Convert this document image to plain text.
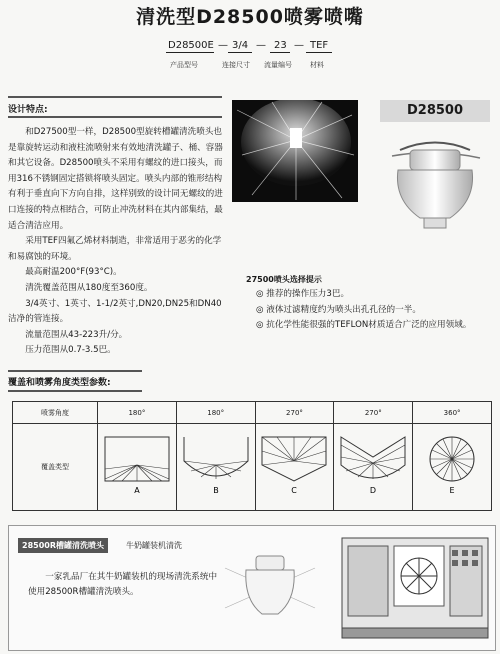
清洗型D28500喷雾喷嘴
D28500E — 3/4 — 23 — TEF
产品型号	连接尺寸 流量编号	材料
设计特点:

和D27500型一样，D28500型旋转槽罐清洗喷头也是靠旋转运动和液柱流喷射来有效地清洗罐子、桶、容器和其它设备。D28500喷头不采用有螺纹的进口接头，而用316不锈钢固定搭锁将喷头固定。喷头内部的锥形结构有利于垂直向下方向自排，这样别致的设计同无螺纹的进口连接的特点相结合，可防止冲洗材料在其内部集结，最适合清洁应用。

采用TEF四氟乙烯材料制造，非常适用于恶劣的化学和易腐蚀的环境。

最高耐温200°F(93°C)。

清洗覆盖范围从180度至360度。

3/4英寸、1英寸、1-1/2英寸,DN20,DN25和DN40洁净的管连接。

流量范围从43-223升/分。

压力范围从0.7-3.5巴。

D28500
27500喷头选择提示
◎ 推荐的操作压力3巴。
◎ 液体过滤精度约为喷头出孔孔径的一半。
◎ 抗化学性能很强的TEFLON材质适合广泛的应用领域。
覆盖和喷雾角度类型参数:
喷雾角度	180°	180°	270°	270°	360°
覆盖类型	A	B	C	D	E
28500R槽罐清洗喷头	牛奶罐装机清洗
一家乳品厂在其牛奶罐装机的现场清洗系统中使用28500R槽罐清洗喷头。
